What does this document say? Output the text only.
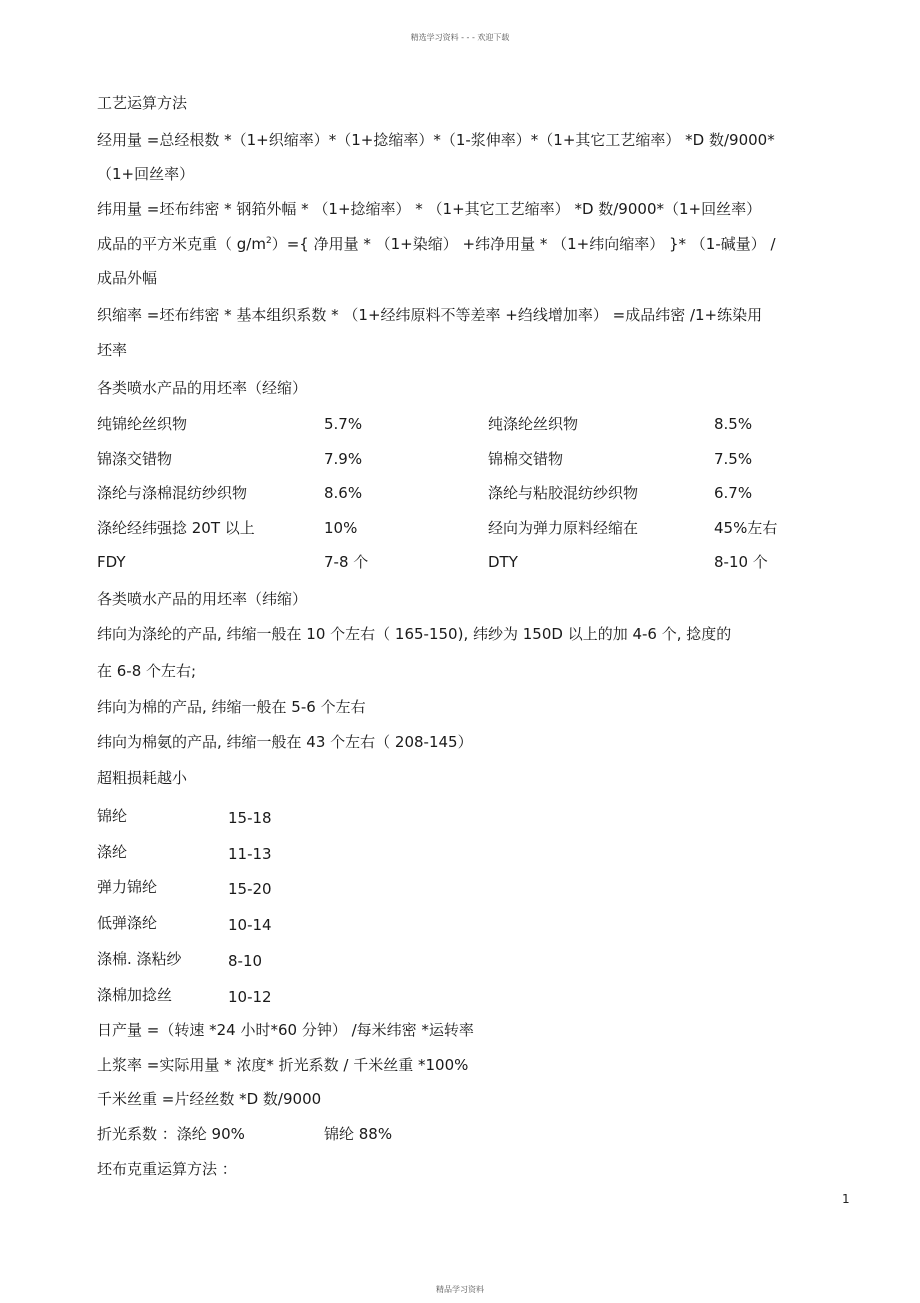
精选学习资料 - - - 欢迎下载
工艺运算方法
经用量 =总经根数 *（1+织缩率）*（1+捻缩率）*（1-浆伸率）*（1+其它工艺缩率） *D 数/9000*
（1+回丝率）
纬用量 =坯布纬密 * 钢筘外幅 * （1+捻缩率） * （1+其它工艺缩率） *D 数/9000*（1+回丝率）
成品的平方米克重（ $g/m^2)=${ 净用量 * （1+染缩） +纬净用量 * （1+纬向缩率） }* （1-碱量） /
成品外幅
织缩率 =坯布纬密 * 基本组织系数 * （1+经纬原料不等差率 +绉线增加率） =成品纬密 /1+练染用
坯率
各类喷水产品的用坯率（经缩）
纯锦纶丝织物	5.7%	纯涤纶丝织物	8.5%
锦涤交错物	7.9%	锦棉交错物	7.5%
涤纶与涤棉混纺纱织物	8.6%	涤纶与粘胶混纺纱织物	6.7%
涤纶经纬强捻 20T 以上	10%	经向为弹力原料经缩在	45%左右
FDY	7-8 个	DTY	8-10 个
各类喷水产品的用坯率（纬缩）
纬向为涤纶的产品, 纬缩一般在 10 个左右（ 165-150), 纬纱为 150D 以上的加 4-6 个, 捻度的
在 6-8 个左右;
纬向为棉的产品, 纬缩一般在 5-6 个左右
纬向为棉氨的产品, 纬缩一般在 43 个左右（ 208-145）
超粗损耗越小
锦纶	15-18
涤纶	11-13
弹力锦纶	15-20
低弹涤纶	10-14
涤棉. 涤粘纱	8-10
涤棉加捻丝	10-12
日产量 =（转速 *24 小时*60 分钟） /每米纬密 *运转率
上浆率 =实际用量 * 浓度* 折光系数 / 千米丝重 *100%
千米丝重 =片经丝数 *D 数/9000
折光系数 ：涤纶 90%	锦纶 88%
坯布克重运算方法 ：
1
精品学习资料
